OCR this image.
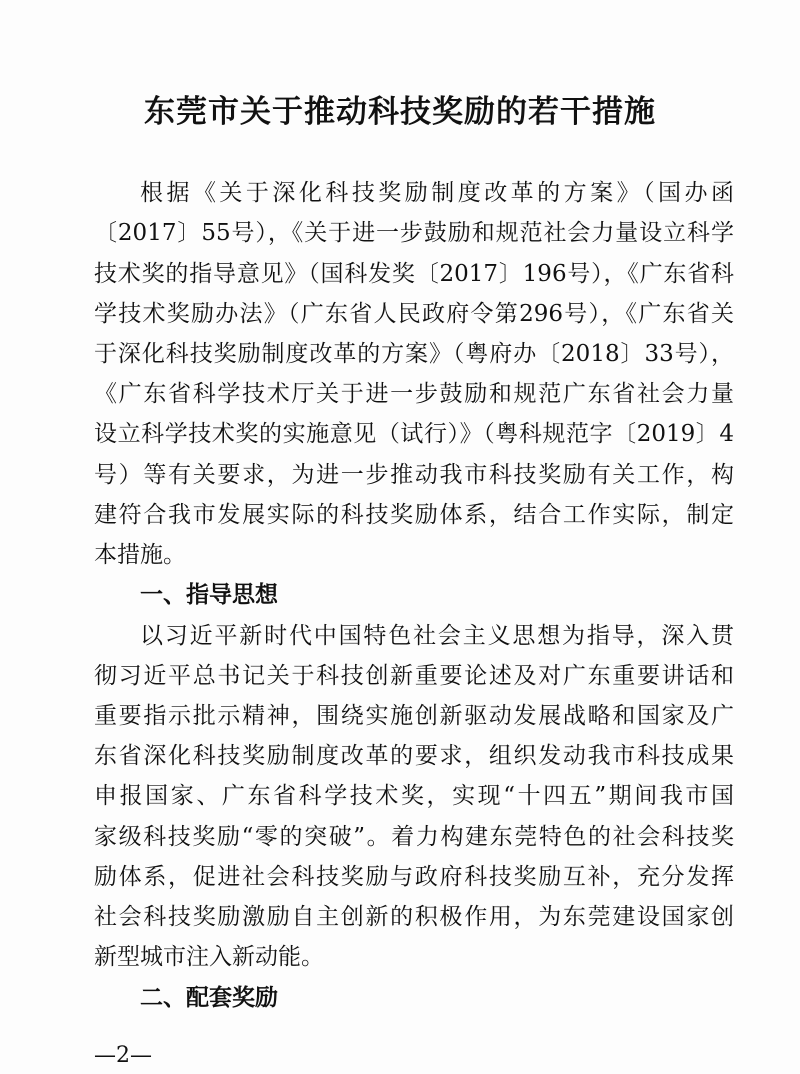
东莞市关于推动科技奖励的若干措施
根据《关于深化科技奖励制度改革的方案》（国办函
〔2017〕55号），《关于进一步鼓励和规范社会力量设立科学
技术奖的指导意见》（国科发奖〔2017〕196号），《广东省科
学技术奖励办法》（广东省人民政府令第296号），《广东省关
于深化科技奖励制度改革的方案》（粤府办〔2018〕33号），
《广东省科学技术厅关于进一步鼓励和规范广东省社会力量
设立科学技术奖的实施意见（试行）》（粤科规范字〔2019〕4
号）等有关要求，为进一步推动我市科技奖励有关工作，构
建符合我市发展实际的科技奖励体系，结合工作实际，制定
本措施。
一、指导思想
以习近平新时代中国特色社会主义思想为指导，深入贯
彻习近平总书记关于科技创新重要论述及对广东重要讲话和
重要指示批示精神，围绕实施创新驱动发展战略和国家及广
东省深化科技奖励制度改革的要求，组织发动我市科技成果
申报国家、广东省科学技术奖，实现“十四五”期间我市国
家级科技奖励“零的突破”。着力构建东莞特色的社会科技奖
励体系，促进社会科技奖励与政府科技奖励互补，充分发挥
社会科技奖励激励自主创新的积极作用，为东莞建设国家创
新型城市注入新动能。
二、配套奖励
—2—
